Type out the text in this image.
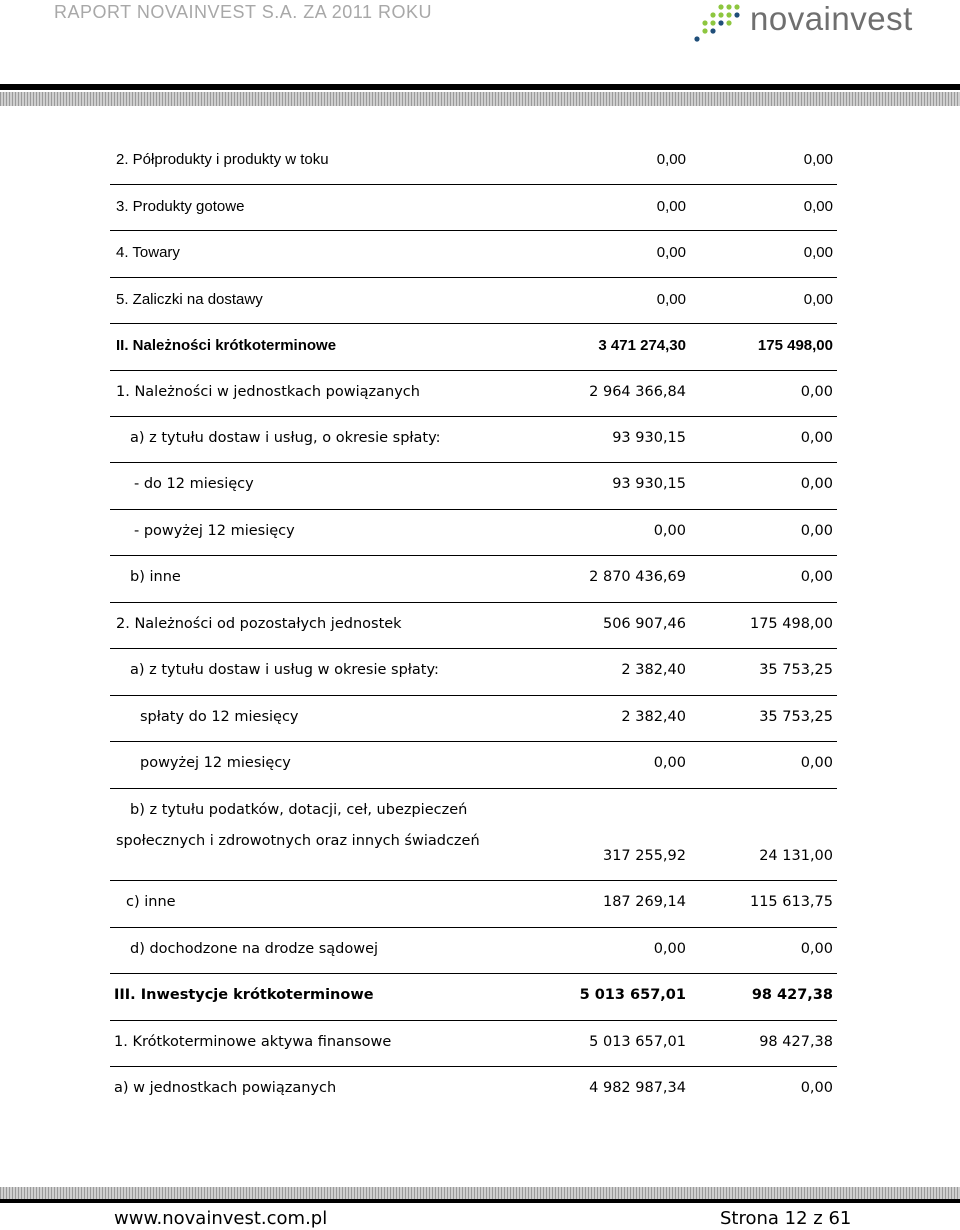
RAPORT NOVAINVEST S.A. ZA 2011 ROKU	novainvest
2. Półprodukty i produkty w toku	0,00	0,00
3. Produkty gotowe	0,00	0,00
4. Towary	0,00	0,00
5. Zaliczki na dostawy	0,00	0,00
II. Należności krótkoterminowe	3 471 274,30	175 498,00
1. Należności w jednostkach powiązanych	2 964 366,84	0,00
a) z tytułu dostaw i usług, o okresie spłaty:	93 930,15	0,00
- do 12 miesięcy	93 930,15	0,00
- powyżej 12 miesięcy	0,00	0,00
b) inne	2 870 436,69	0,00
2. Należności od pozostałych jednostek	506 907,46	175 498,00
a) z tytułu dostaw i usług w okresie spłaty:	2 382,40	35 753,25
spłaty do 12 miesięcy	2 382,40	35 753,25
powyżej 12 miesięcy	0,00	0,00
b) z tytułu podatków, dotacji, ceł, ubezpieczeń
społecznych i zdrowotnych oraz innych świadczeń
317 255,92	24 131,00
c) inne	187 269,14	115 613,75
d) dochodzone na drodze sądowej	0,00	0,00
III. Inwestycje krótkoterminowe	5 013 657,01	98 427,38
1. Krótkoterminowe aktywa finansowe	5 013 657,01	98 427,38
a) w jednostkach powiązanych	4 982 987,34	0,00
www.novainvest.com.pl	Strona 12 z 61
